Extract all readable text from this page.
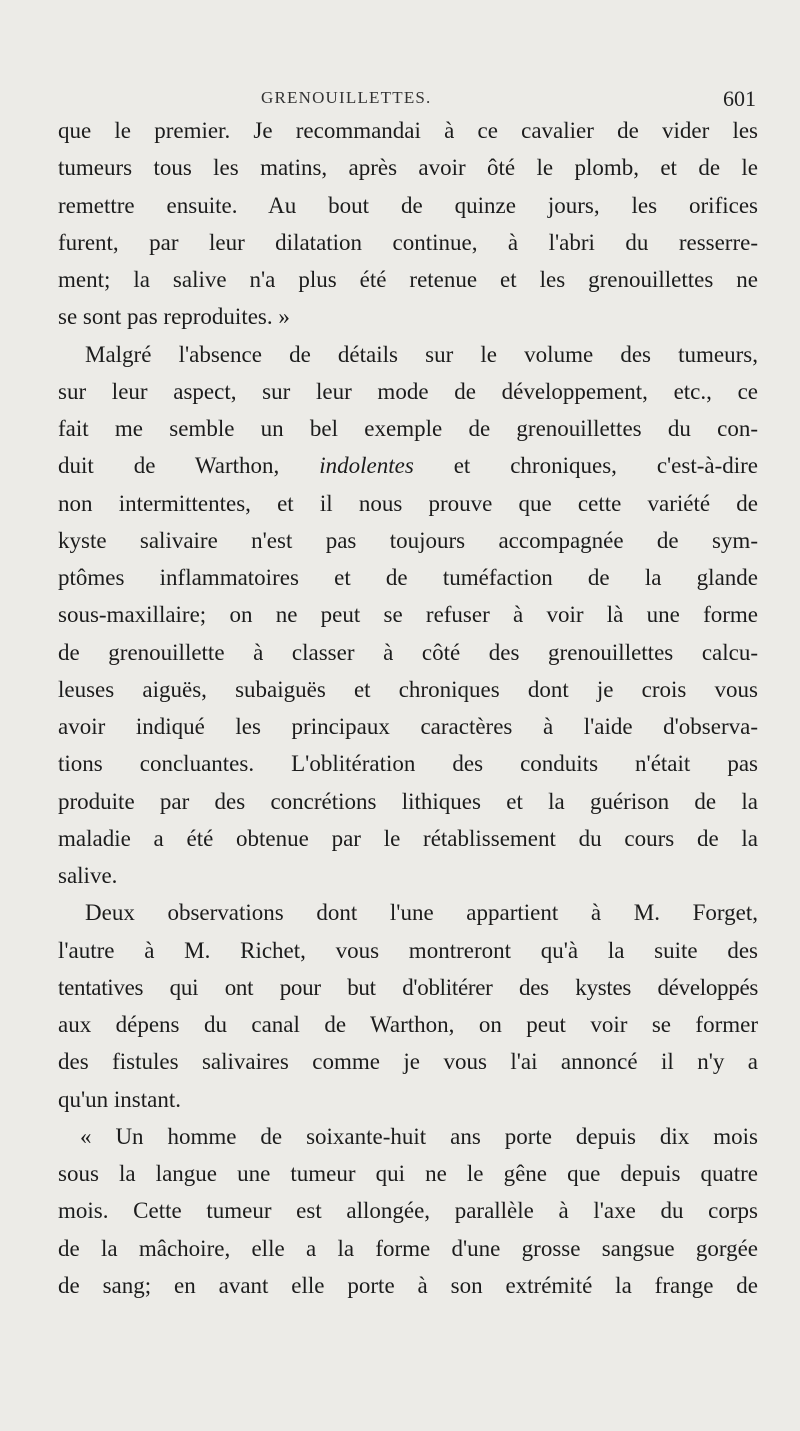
GRENOUILLETTES.	601
que le premier. Je recommandai à ce cavalier de vider les
tumeurs tous les matins, après avoir ôté le plomb, et de le
remettre ensuite. Au bout de quinze jours, les orifices
furent, par leur dilatation continue, à l'abri du resserre-
ment; la salive n'a plus été retenue et les grenouillettes ne
se sont pas reproduites. »
Malgré l'absence de détails sur le volume des tumeurs,
sur leur aspect, sur leur mode de développement, etc., ce
fait me semble un bel exemple de grenouillettes du con-
duit de Warthon, indolentes et chroniques, c'est-à-dire
non intermittentes, et il nous prouve que cette variété de
kyste salivaire n'est pas toujours accompagnée de sym-
ptômes inflammatoires et de tuméfaction de la glande
sous-maxillaire; on ne peut se refuser à voir là une forme
de grenouillette à classer à côté des grenouillettes calcu-
leuses aiguës, subaiguës et chroniques dont je crois vous
avoir indiqué les principaux caractères à l'aide d'observa-
tions concluantes. L'oblitération des conduits n'était pas
produite par des concrétions lithiques et la guérison de la
maladie a été obtenue par le rétablissement du cours de la
salive.
Deux observations dont l'une appartient à M. Forget,
l'autre à M. Richet, vous montreront qu'à la suite des
tentatives qui ont pour but d'oblitérer des kystes développés
aux dépens du canal de Warthon, on peut voir se former
des fistules salivaires comme je vous l'ai annoncé il n'y a
qu'un instant.
« Un homme de soixante-huit ans porte depuis dix mois
sous la langue une tumeur qui ne le gêne que depuis quatre
mois. Cette tumeur est allongée, parallèle à l'axe du corps
de la mâchoire, elle a la forme d'une grosse sangsue gorgée
de sang; en avant elle porte à son extrémité la frange de
